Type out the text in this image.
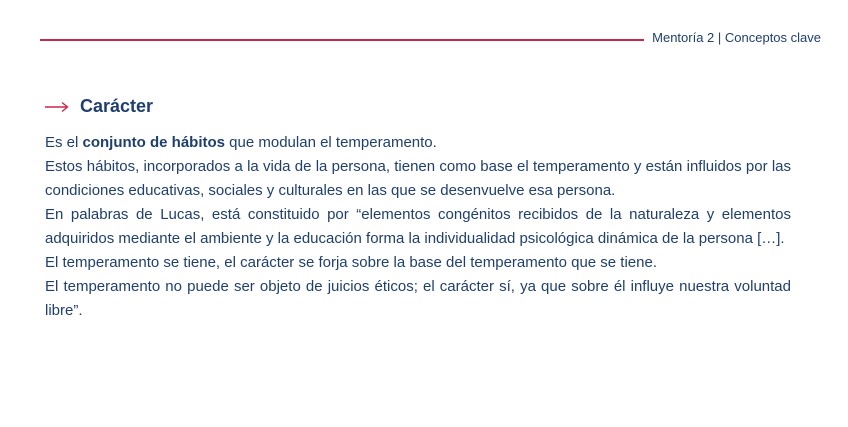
Mentoría 2 | Conceptos clave
Carácter

Es el conjunto de hábitos que modulan el temperamento.

Estos hábitos, incorporados a la vida de la persona, tienen como base el temperamento y están influidos por las condiciones educativas, sociales y culturales en las que se desenvuelve esa persona.

En palabras de Lucas, está constituido por “elementos congénitos recibidos de la naturaleza y elementos adquiridos mediante el ambiente y la educación forma la individualidad psicológica dinámica de la persona […].

El temperamento se tiene, el carácter se forja sobre la base del temperamento que se tiene.

El temperamento no puede ser objeto de juicios éticos; el carácter sí, ya que sobre él influye nuestra voluntad libre”.
